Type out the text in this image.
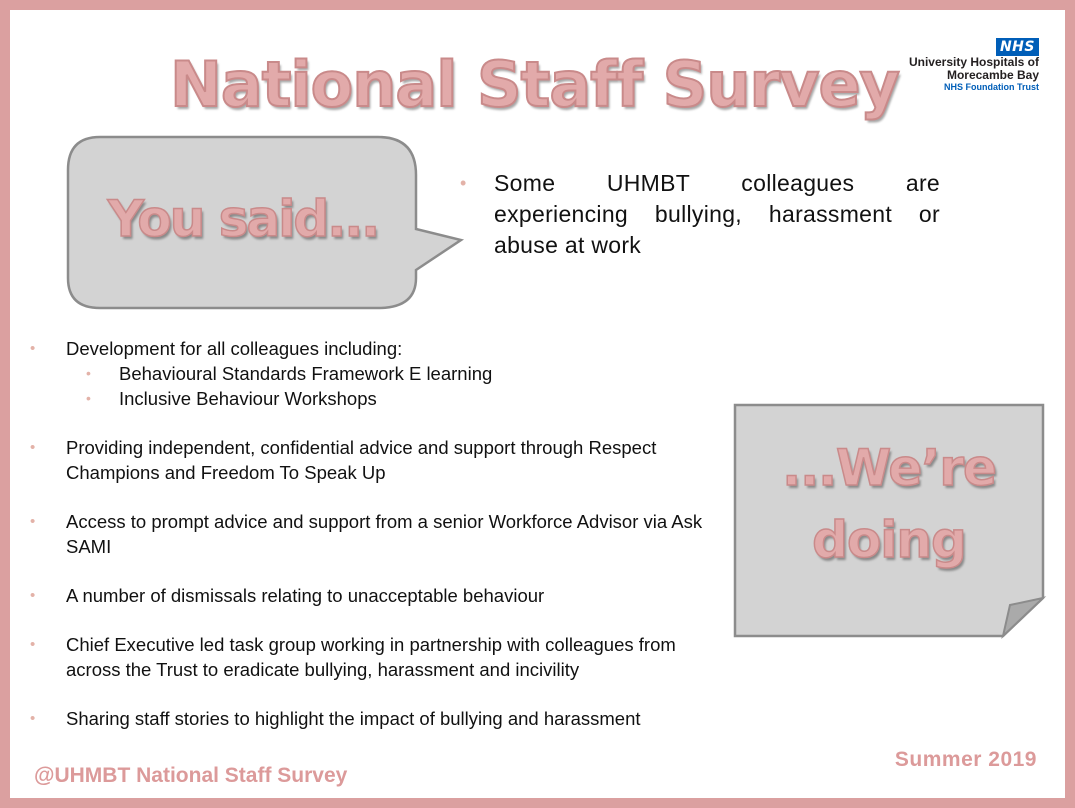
National Staff Survey
NHS
University Hospitals of
Morecambe Bay
NHS Foundation Trust
You said...
• Some UHMBT colleagues are experiencing bullying, harassment or abuse at work
• Development for all colleagues including:
• Behavioural Standards Framework E learning
• Inclusive Behaviour Workshops
• Providing independent, confidential advice and support through Respect Champions and Freedom To Speak Up
• Access to prompt advice and support from a senior Workforce Advisor via Ask SAMI
• A number of dismissals relating to unacceptable behaviour
• Chief Executive led task group working in partnership with colleagues from across the Trust to eradicate bullying, harassment and incivility
• Sharing staff stories to highlight the impact of bullying and harassment
...We’re
doing
@UHMBT National Staff Survey
Summer 2019
